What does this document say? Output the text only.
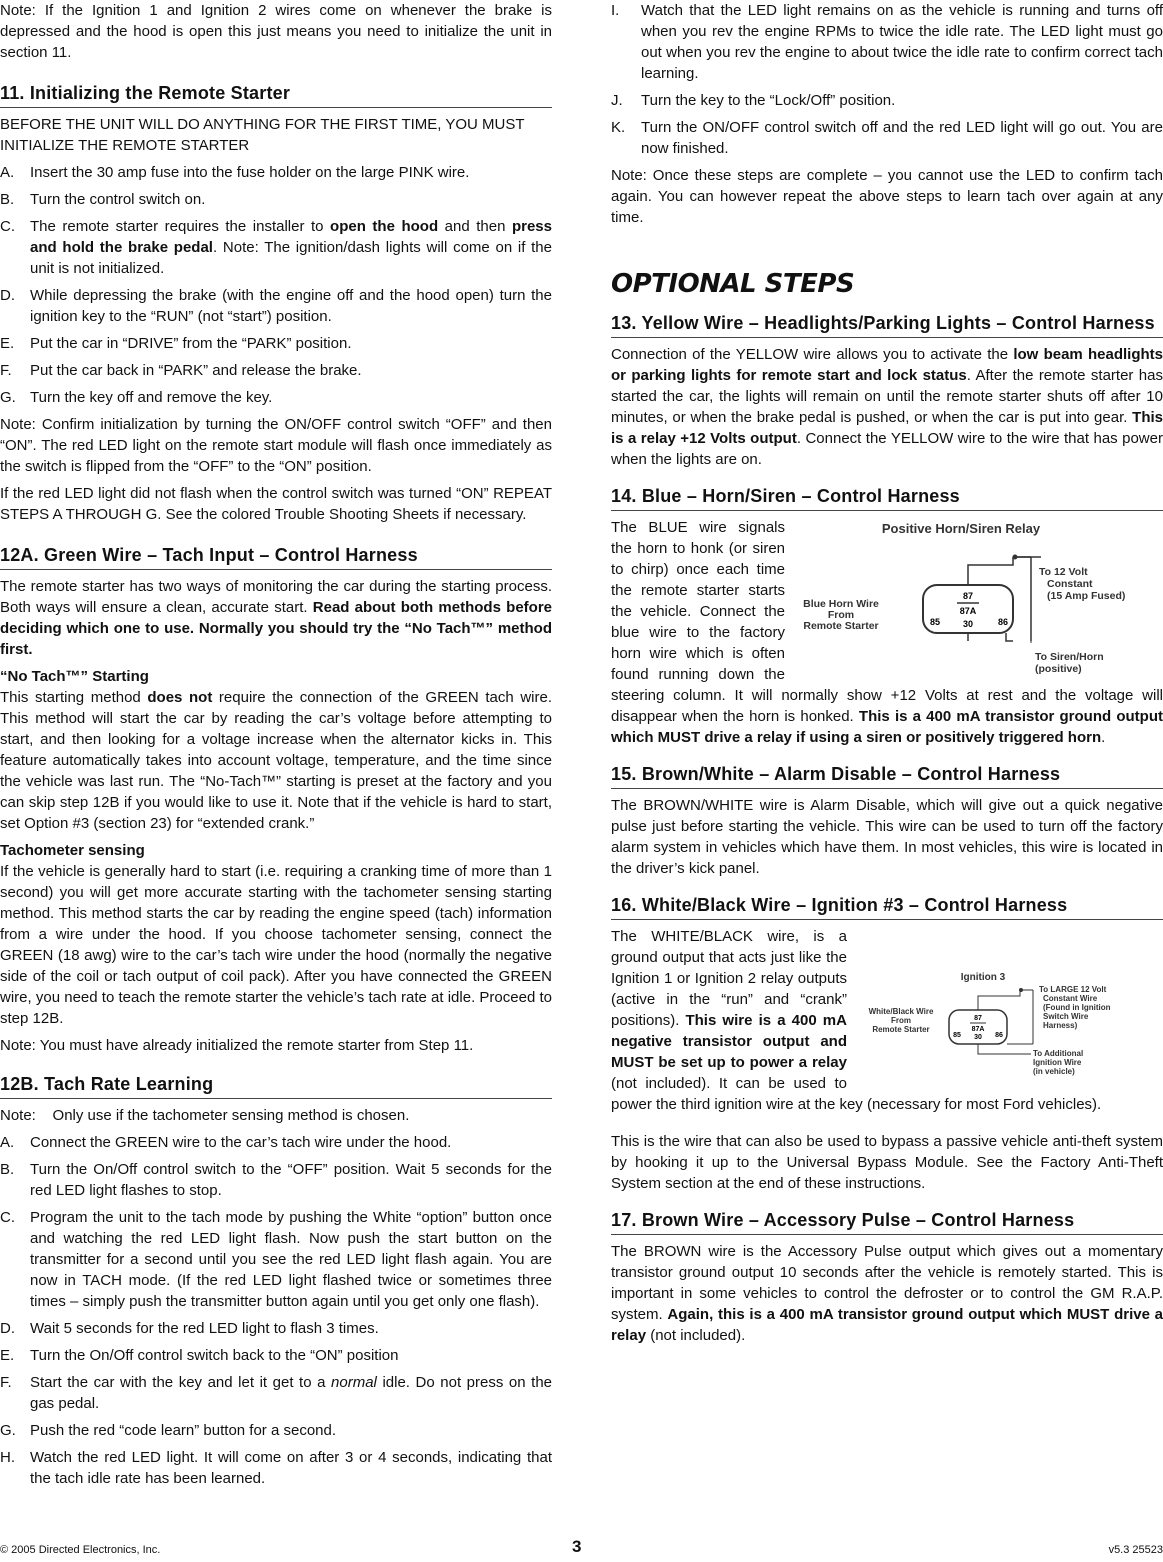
Note: If the Ignition 1 and Ignition 2 wires come on whenever the brake is depressed and the hood is open this just means you need to initialize the unit in section 11.

11. Initializing the Remote Starter

BEFORE THE UNIT WILL DO ANYTHING FOR THE FIRST TIME, YOU MUST INITIALIZE THE REMOTE STARTER

A. Insert the 30 amp fuse into the fuse holder on the large PINK wire.
B. Turn the control switch on.
C. The remote starter requires the installer to open the hood and then press and hold the brake pedal. Note: The ignition/dash lights will come on if the unit is not initialized.
D. While depressing the brake (with the engine off and the hood open) turn the ignition key to the “RUN” (not “start”) position.
E. Put the car in “DRIVE” from the “PARK” position.
F. Put the car back in “PARK” and release the brake.
G. Turn the key off and remove the key.

Note: Confirm initialization by turning the ON/OFF control switch “OFF” and then “ON”. The red LED light on the remote start module will flash once immediately as the switch is flipped from the “OFF” to the “ON” position.

If the red LED light did not flash when the control switch was turned “ON” REPEAT STEPS A THROUGH G. See the colored Trouble Shooting Sheets if necessary.

12A. Green Wire – Tach Input – Control Harness

The remote starter has two ways of monitoring the car during the starting process. Both ways will ensure a clean, accurate start. Read about both methods before deciding which one to use. Normally you should try the “No Tach™” method first.

“No Tach™” Starting

This starting method does not require the connection of the GREEN tach wire. This method will start the car by reading the car’s voltage before attempting to start, and then looking for a voltage increase when the alternator kicks in. This feature automatically takes into account voltage, temperature, and the time since the vehicle was last run. The “No-Tach™” starting is preset at the factory and you can skip step 12B if you would like to use it. Note that if the vehicle is hard to start, set Option #3 (section 23) for “extended crank.”

Tachometer sensing

If the vehicle is generally hard to start (i.e. requiring a cranking time of more than 1 second) you will get more accurate starting with the tachometer sensing starting method. This method starts the car by reading the engine speed (tach) information from a wire under the hood. If you choose tachometer sensing, connect the GREEN (18 awg) wire to the car’s tach wire under the hood (normally the negative side of the coil or tach output of coil pack). After you have connected the GREEN wire, you need to teach the remote starter the vehicle’s tach rate at idle. Proceed to step 12B.

Note: You must have already initialized the remote starter from Step 11.

12B. Tach Rate Learning

Note:    Only use if the tachometer sensing method is chosen.

A. Connect the GREEN wire to the car’s tach wire under the hood.
B. Turn the On/Off control switch to the “OFF” position. Wait 5 seconds for the red LED light flashes to stop.
C. Program the unit to the tach mode by pushing the White “option” button once and watching the red LED light flash. Now push the start button on the transmitter for a second until you see the red LED light flash again. You are now in TACH mode. (If the red LED light flashed twice or sometimes three times – simply push the transmitter button again until you get only one flash).
D. Wait 5 seconds for the red LED light to flash 3 times.
E. Turn the On/Off control switch back to the “ON” position
F. Start the car with the key and let it get to a normal idle. Do not press on the gas pedal.
G. Push the red “code learn” button for a second.
H. Watch the red LED light. It will come on after 3 or 4 seconds, indicating that the tach idle rate has been learned.
I. Watch that the LED light remains on as the vehicle is running and turns off when you rev the engine RPMs to twice the idle rate. The LED light must go out when you rev the engine to about twice the idle rate to confirm correct tach learning.
J. Turn the key to the “Lock/Off” position.
K. Turn the ON/OFF control switch off and the red LED light will go out. You are now finished.

Note: Once these steps are complete – you cannot use the LED to confirm tach again. You can however repeat the above steps to learn tach over again at any time.

OPTIONAL STEPS
13. Yellow Wire – Headlights/Parking Lights – Control Harness

Connection of the YELLOW wire allows you to activate the low beam headlights or parking lights for remote start and lock status. After the remote starter has started the car, the lights will remain on until the remote starter shuts off after 10 minutes, or when the brake pedal is pushed, or when the car is put into gear. This is a relay +12 Volts output. Connect the YELLOW wire to the wire that has power when the lights are on.

14. Blue – Horn/Siren – Control Harness
Positive Horn/Siren Relay
87
87A
85	86
30
Blue Horn Wire
From
Remote Starter
To 12 Volt
Constant
(15 Amp Fused)
To Siren/Horn
(positive)

The BLUE wire signals the horn to honk (or siren to chirp) once each time the remote starter starts the vehicle. Connect the blue wire to the factory horn wire which is often found running down the steering column. It will normally show +12 Volts at rest and the voltage will disappear when the horn is honked. This is a 400 mA transistor ground output which MUST drive a relay if using a siren or positively triggered horn.

15. Brown/White – Alarm Disable – Control Harness

The BROWN/WHITE wire is Alarm Disable, which will give out a quick negative pulse just before starting the vehicle. This wire can be used to turn off the factory alarm system in vehicles which have them. In most vehicles, this wire is located in the driver’s kick panel.

16. White/Black Wire – Ignition #3 – Control Harness
Ignition 3
87
87A
85	86
30
White/Black Wire
From
Remote Starter
To LARGE 12 Volt
Constant Wire
(Found in Ignition
Switch Wire
Harness)
To Additional
Ignition Wire
(in vehicle)

The WHITE/BLACK wire, is a ground output that acts just like the Ignition 1 or Ignition 2 relay outputs (active in the “run” and “crank” positions). This wire is a 400 mA negative transistor output and MUST be set up to power a relay (not included). It can be used to power the third ignition wire at the key (necessary for most Ford vehicles).

This is the wire that can also be used to bypass a passive vehicle anti-theft system by hooking it up to the Universal Bypass Module. See the Factory Anti-Theft System section at the end of these instructions.

17. Brown Wire – Accessory Pulse – Control Harness

The BROWN wire is the Accessory Pulse output which gives out a momentary transistor ground output 10 seconds after the vehicle is remotely started. This is important in some vehicles to control the defroster or to control the GM R.A.P. system. Again, this is a 400 mA transistor ground output which MUST drive a relay (not included).

© 2005 Directed Electronics, Inc.	3	v5.3 25523
